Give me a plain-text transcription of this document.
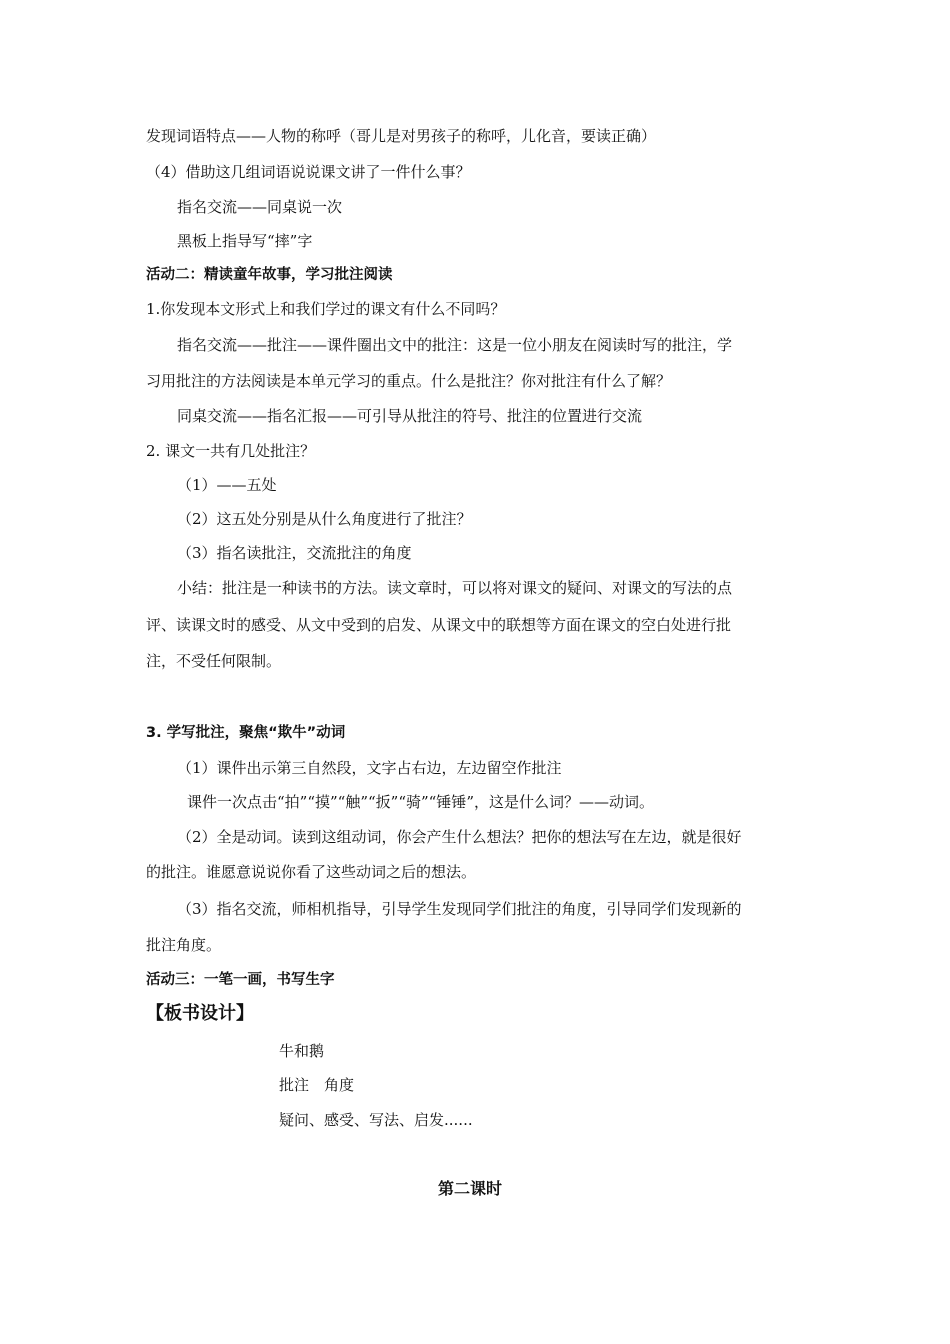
发现词语特点——人物的称呼（哥儿是对男孩子的称呼，儿化音，要读正确）
（4）借助这几组词语说说课文讲了一件什么事？
指名交流——同桌说一次
黑板上指导写“摔”字
活动二：精读童年故事，学习批注阅读
1.你发现本文形式上和我们学过的课文有什么不同吗？
指名交流——批注——课件圈出文中的批注：这是一位小朋友在阅读时写的批注，学
习用批注的方法阅读是本单元学习的重点。什么是批注？你对批注有什么了解？
同桌交流——指名汇报——可引导从批注的符号、批注的位置进行交流
2. 课文一共有几处批注？
（1）——五处
（2）这五处分别是从什么角度进行了批注？
（3）指名读批注，交流批注的角度
小结：批注是一种读书的方法。读文章时，可以将对课文的疑问、对课文的写法的点
评、读课文时的感受、从文中受到的启发、从课文中的联想等方面在课文的空白处进行批
注，不受任何限制。
3. 学写批注，聚焦“欺牛”动词
（1）课件出示第三自然段，文字占右边，左边留空作批注
课件一次点击“拍”“摸”“触”“扳”“骑”“锤锤”，这是什么词？——动词。
（2）全是动词。读到这组动词，你会产生什么想法？把你的想法写在左边，就是很好
的批注。谁愿意说说你看了这些动词之后的想法。
（3）指名交流，师相机指导，引导学生发现同学们批注的角度，引导同学们发现新的
批注角度。
活动三：一笔一画，书写生字
【板书设计】
牛和鹅
批注　角度
疑问、感受、写法、启发......
第二课时
